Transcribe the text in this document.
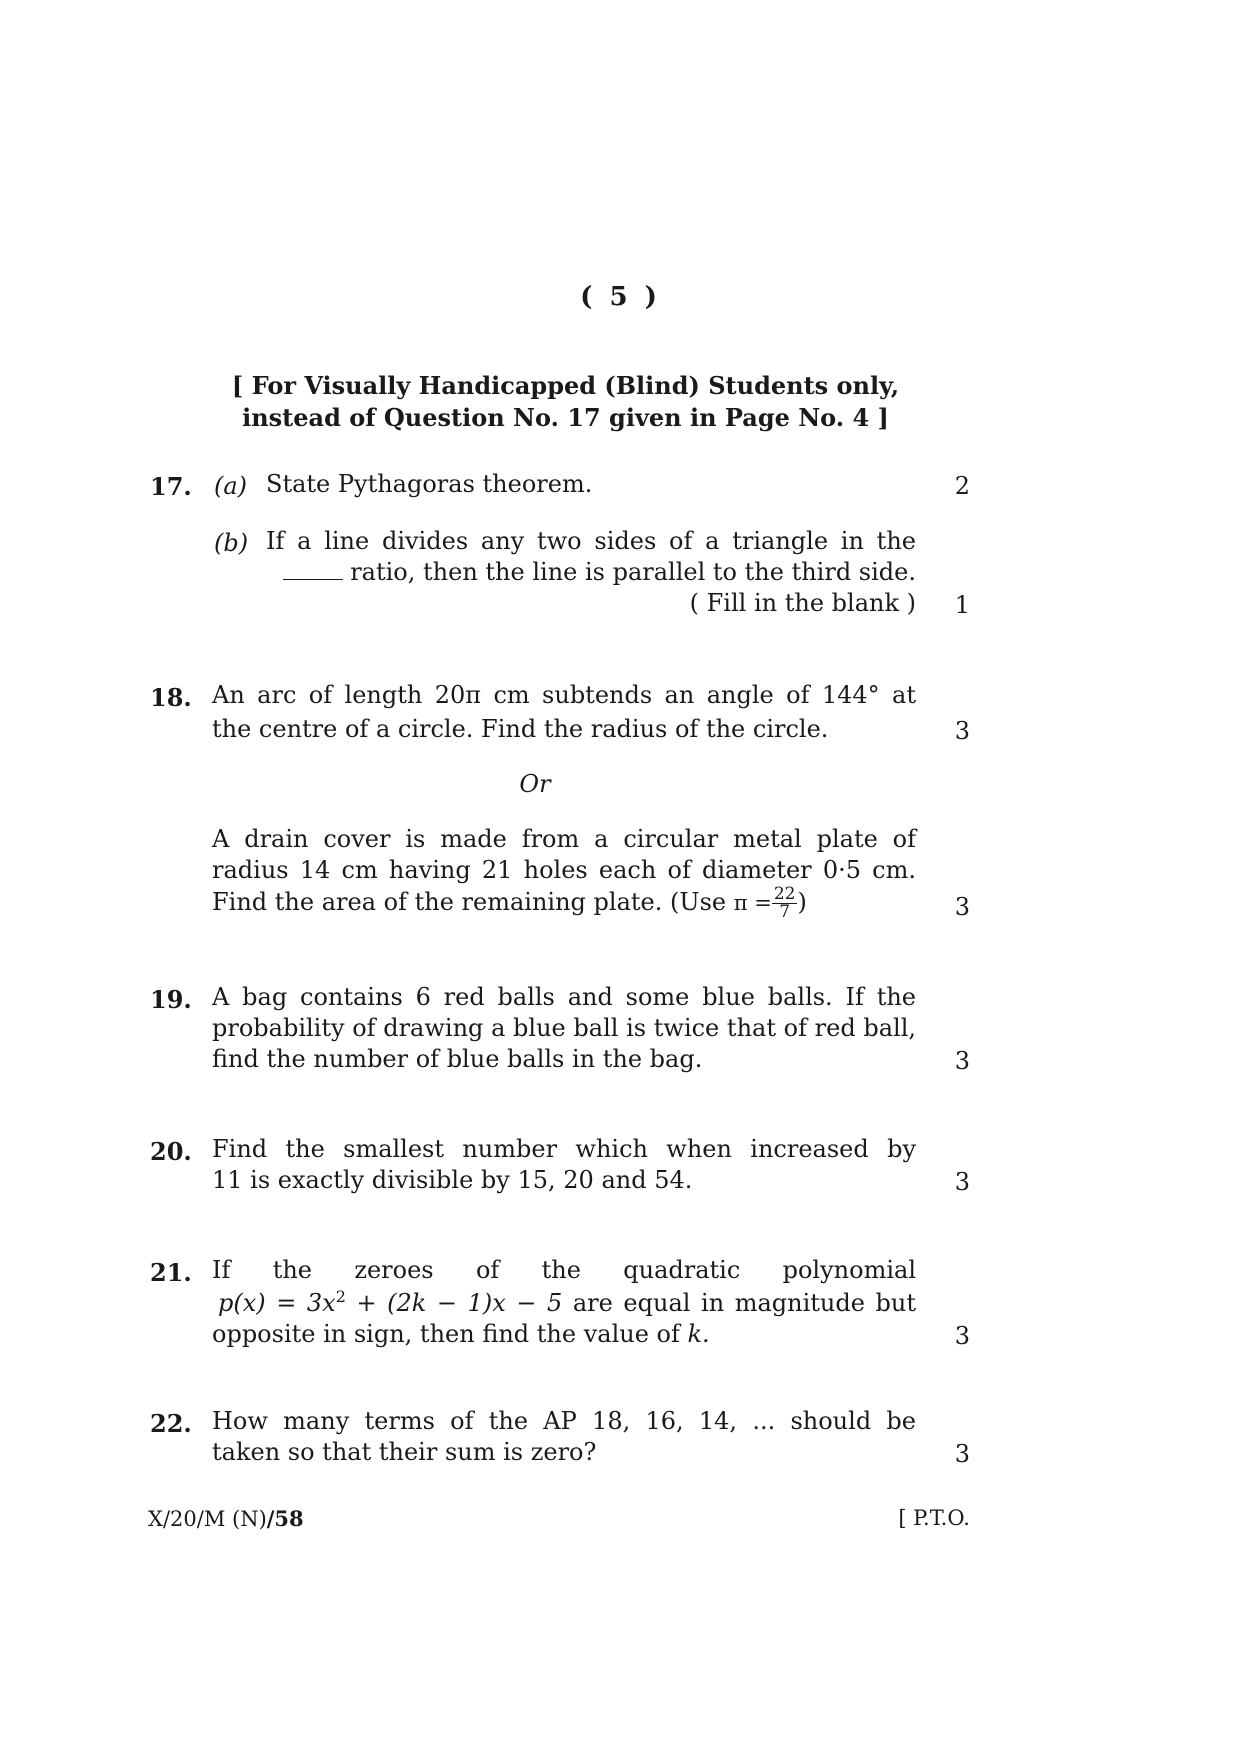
( 5 )
[ For Visually Handicapped (Blind) Students only,
instead of Question No. 17 given in Page No. 4 ]
17. (a) State Pythagoras theorem.	2
(b) If a line divides any two sides of a triangle in the
ratio, then the line is parallel to the third side.
( Fill in the blank )	1
18. An arc of length 20π cm subtends an angle of 144° at
the centre of a circle. Find the radius of the circle.	3
Or
A drain cover is made from a circular metal plate of
radius 14 cm having 21 holes each of diameter 0·5 cm.
Find the area of the remaining plate. (Use $\pi = \frac{22}{7}$ )	3
19. A bag contains 6 red balls and some blue balls. If the
probability of drawing a blue ball is twice that of red ball,
find the number of blue balls in the bag.	3
20. Find the smallest number which when increased by
11 is exactly divisible by 15, 20 and 54.	3
21. If the zeroes of the quadratic polynomial
$p(x) = 3x^2 + (2k - 1)x - 5$ are equal in magnitude but
opposite in sign, then find the value of k.	3
22. How many terms of the AP 18, 16, 14, ... should be
taken so that their sum is zero?	3
X/20/M (N)/58	[ P.T.O.
